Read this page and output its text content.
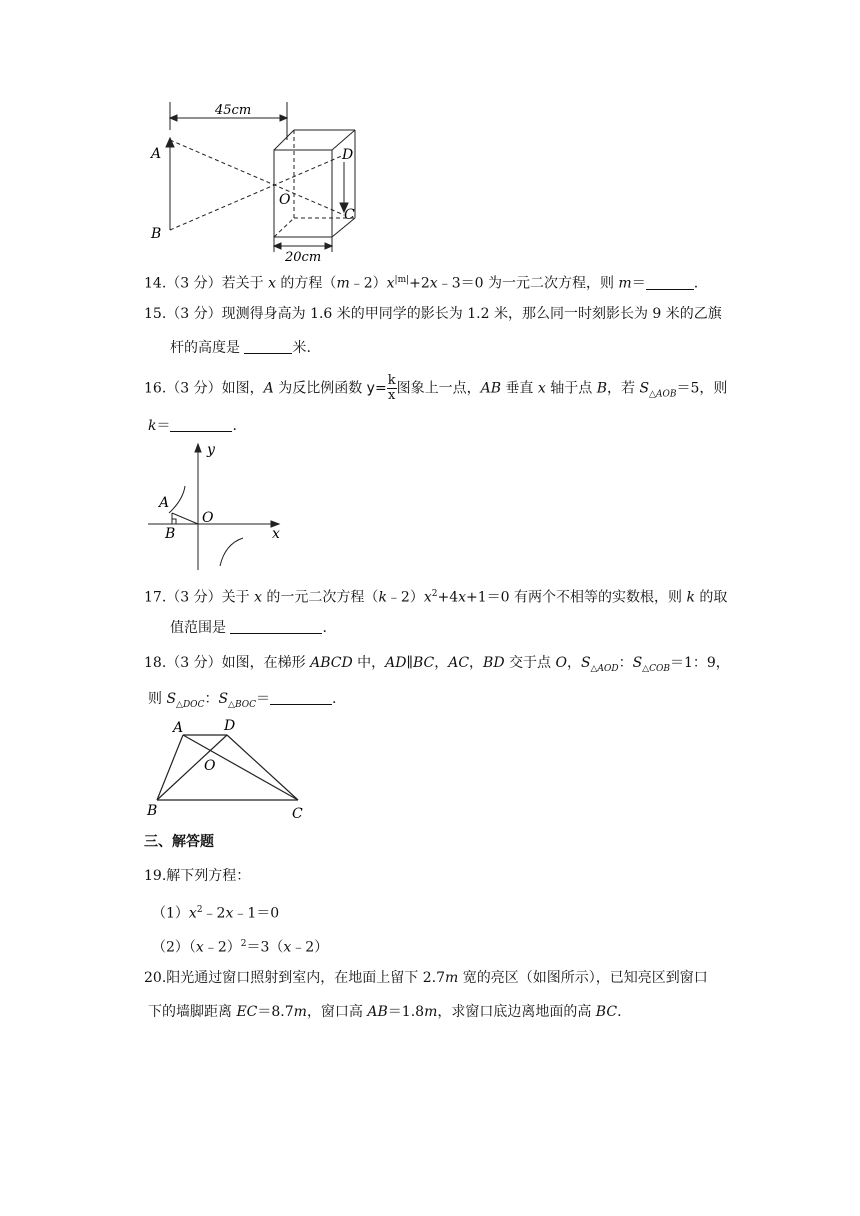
45cm
20cm
A
B
O
D
C
14.（3 分）若关于 x 的方程$(m﹣2)x^{|m|}+2x﹣3=0$ 为一元二次方程，则 m＝	.
15.（3 分）现测得身高为 1.6 米的甲同学的影长为 1.2 米，那么同一时刻影长为 9 米的乙旗
杆的高度是	米.
16.（3 分）如图，A 为反比例函数 $y= \frac{k}{x}$ 图象上一点，AB 垂直 x 轴于点 B，若 $S_{\triangle AOB}=5$，则
k＝	.
y
x
A
B
O
17.（3 分）关于 x 的一元二次方程$(k﹣2)x^2+4x+1=0$ 有两个不相等的实数根，则 k 的取
值范围是	.
18.（3 分）如图，在梯形 ABCD 中，AD∥BC，AC，BD 交于点 O，$S_{\triangle AOD}$：$S_{\triangle COB}=1$：9，
则 $S_{\triangle DOC}$：$S_{\triangle BOC}=$	.
A	D
O
B	C
三、解答题
19.解下列方程：
$(1)x^2﹣2x﹣1=0$
（2）（x﹣2）$^2$＝3（x﹣2）
20.阳光通过窗口照射到室内，在地面上留下 2.7m 宽的亮区（如图所示），已知亮区到窗口
下的墙脚距离 EC＝8.7m，窗口高 AB＝1.8m，求窗口底边离地面的高 BC.
